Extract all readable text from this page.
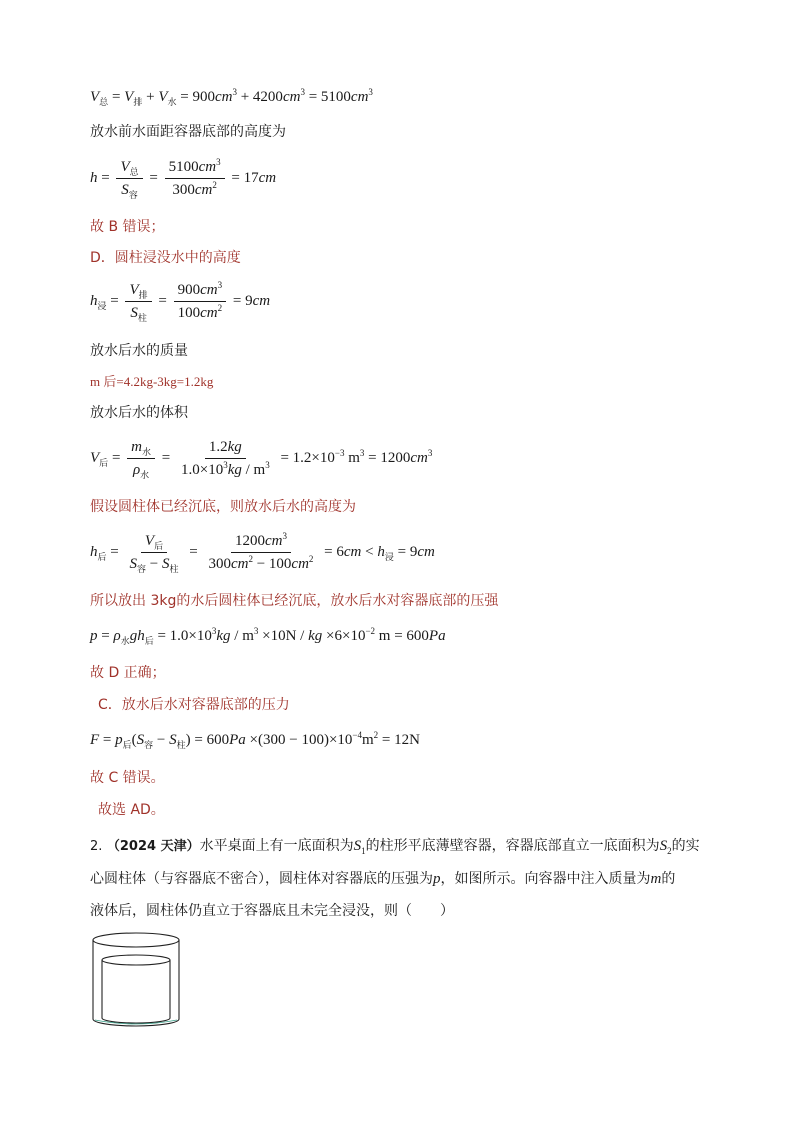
$V_总 = V_排 + V_水 = 900cm^3 + 4200cm^3 = 5100cm^3$
放水前水面距容器底部的高度为
$h = \frac{V_总}{S_容} = \frac{5100cm^3}{300cm^2} = 17cm$
故 B 错误；
D．圆柱浸没水中的高度
$h_浸 = \frac{V_排}{S_柱} = \frac{900cm^3}{100cm^2} = 9cm$
放水后水的质量
m 后=4.2kg-3kg=1.2kg
放水后水的体积
$V_后 = \frac{m_水}{\rho_水} = \frac{1.2kg}{1.0\times 10^3kg / m^3} = 1.2\times 10^{-3}$ $m^3 = 1200cm^3$
假设圆柱体已经沉底，则放水后水的高度为
$h_后 = \frac{V_后}{S_容 - S_柱} = \frac{1200cm^3}{300cm^2 - 100cm^2} = 6cm < h_浸 = 9cm$
所以放出 3kg的水后圆柱体已经沉底，放水后水对容器底部的压强
$p = \rho_水gh_后 = 1.0\times 10^3kg / m^3 \times 10N$ / kg $\times 6\times 10^{-2}$ m = 600Pa
故 D 正确；
C．放水后水对容器底部的压力
$F = p_后(S_容 - S_柱) = 600Pa \times(300 - 100)\times 10^{-4}m^2 = 12N$
故 C 错误。
故选 AD。
2. （2024 天津）水平桌面上有一底面积为$S_1$的柱形平底薄壁容器，容器底部直立一底面积为$S_2$的实
心圆柱体（与容器底不密合），圆柱体对容器底的压强为p，如图所示。向容器中注入质量为m的
液体后，圆柱体仍直立于容器底且未完全浸没，则（　　）
